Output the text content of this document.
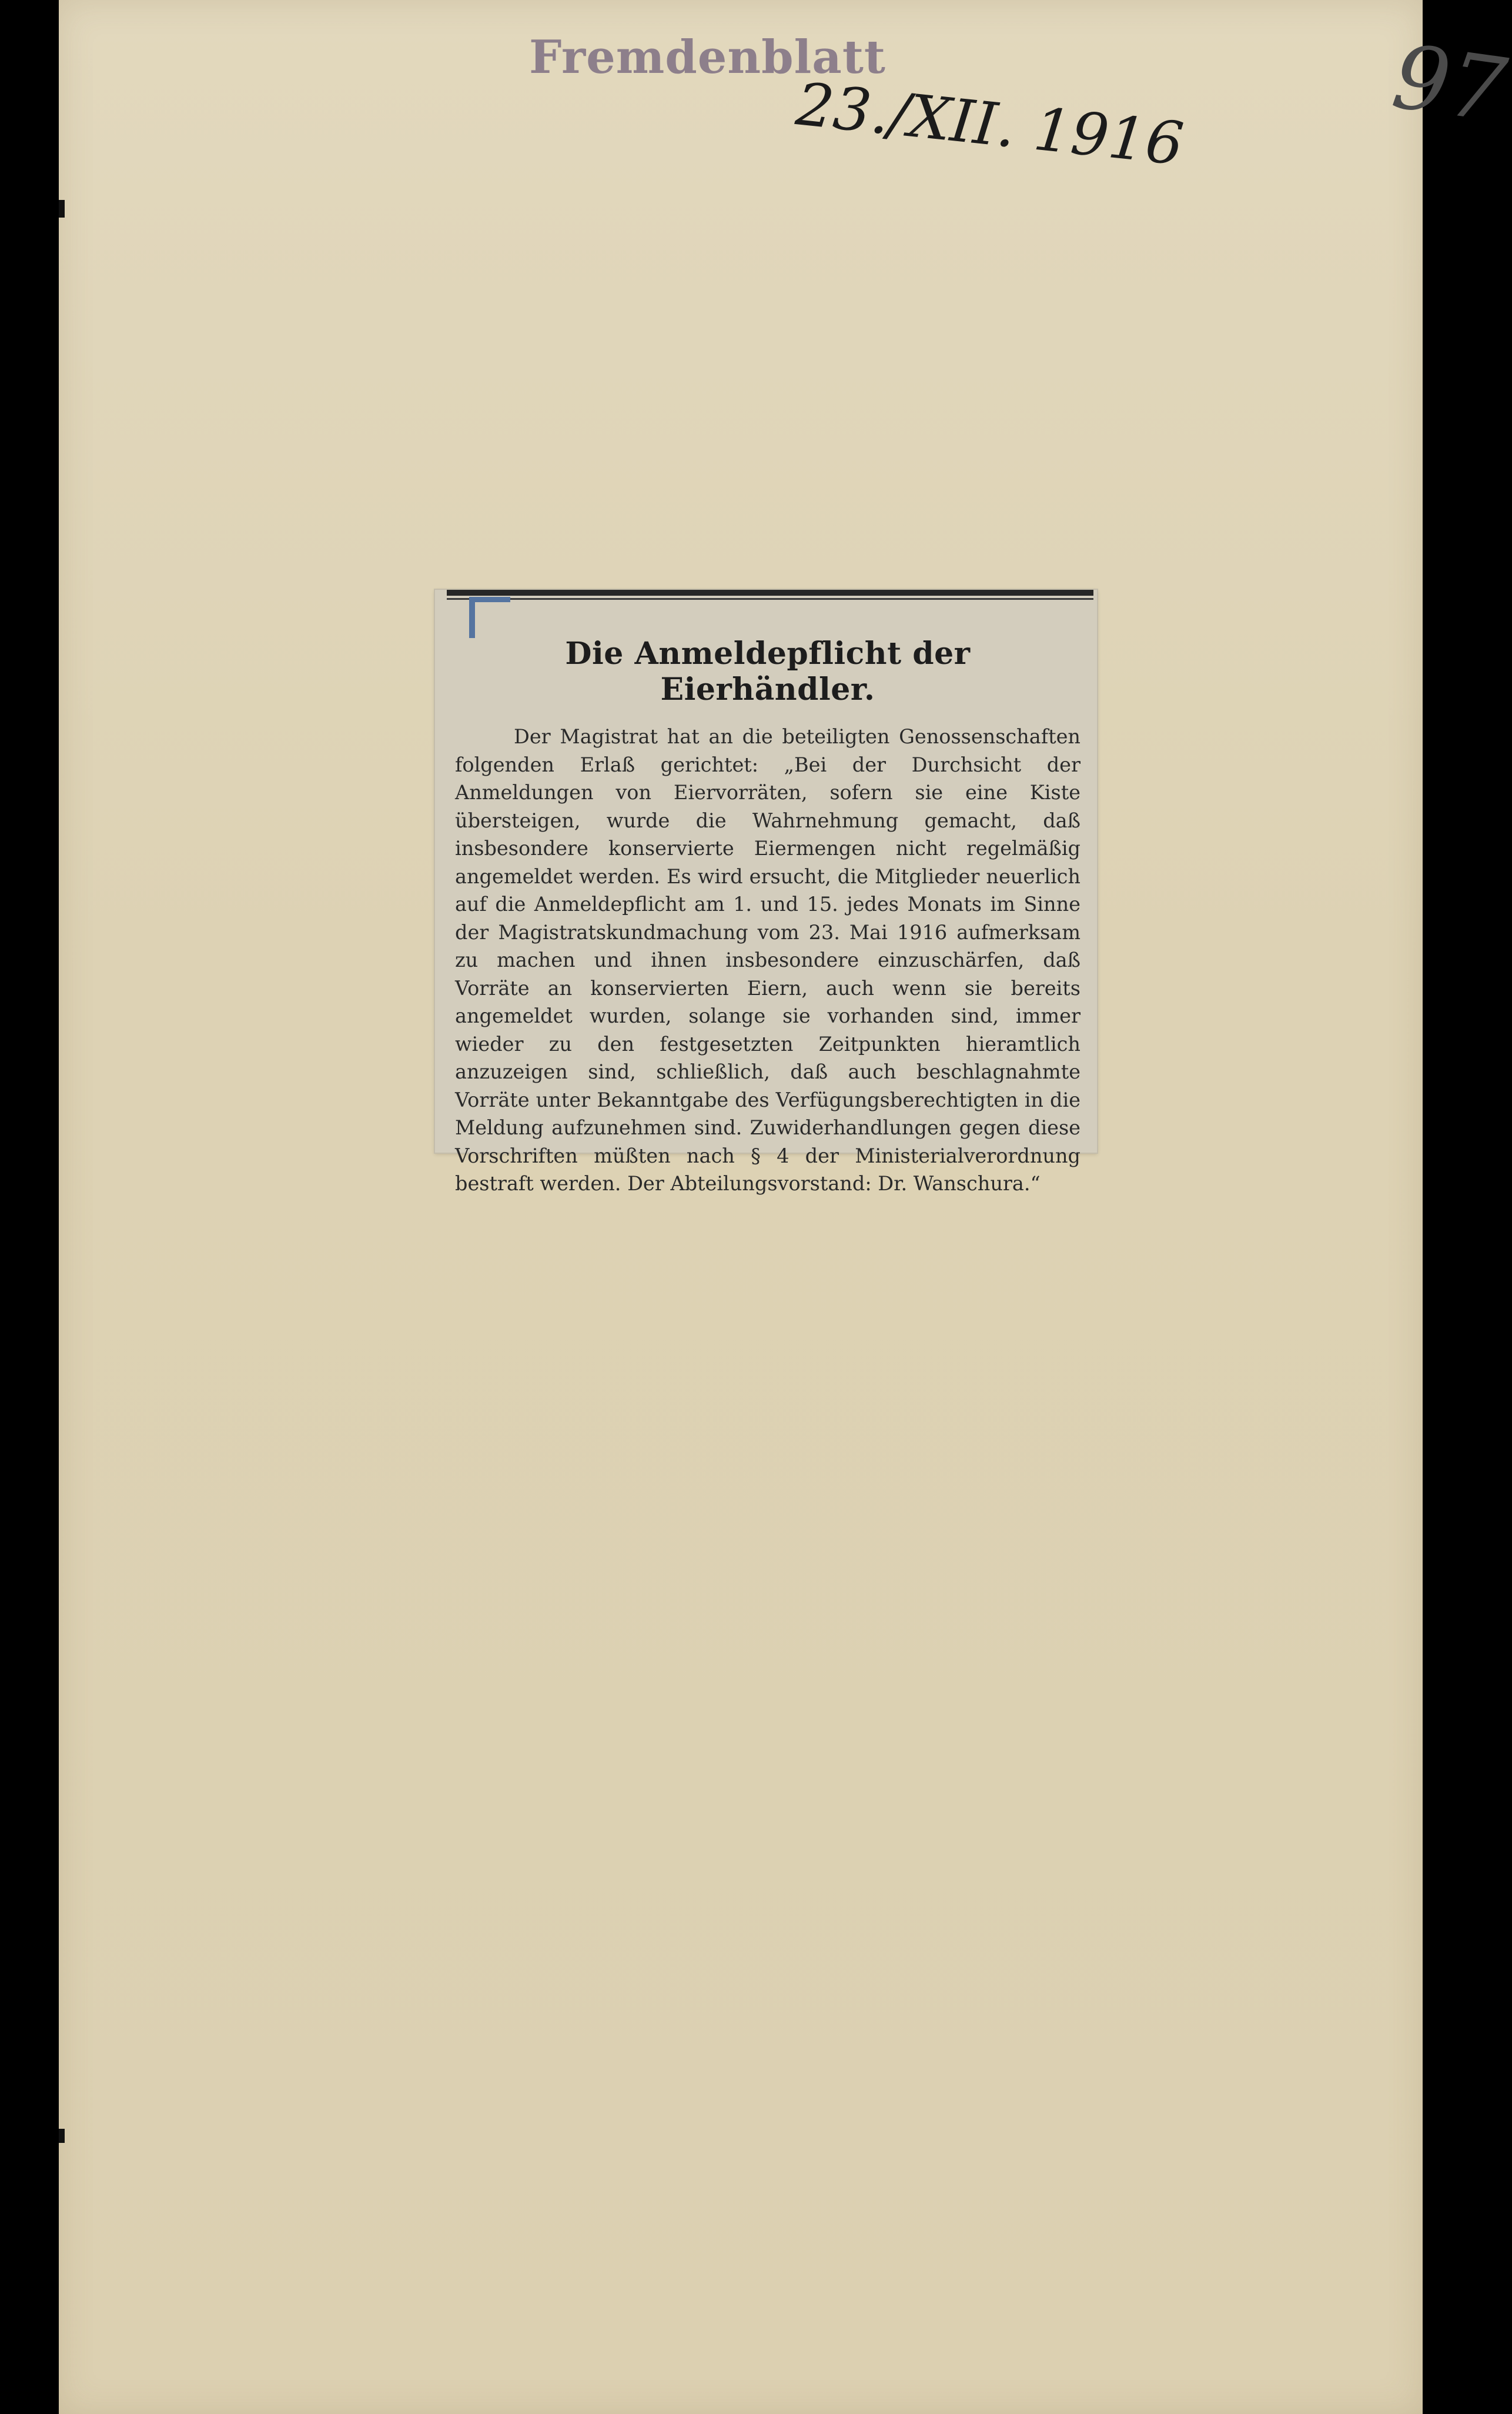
Fremdenblatt
23./XII. 1916 97
Die Anmeldepflicht der Eierhändler.

Der Magistrat hat an die beteiligten Genossenschaften folgenden Erlaß gerichtet: „Bei der Durchsicht der Anmeldungen von Eiervorräten, sofern sie eine Kiste übersteigen, wurde die Wahrnehmung gemacht, daß insbesondere konservierte Eiermengen nicht regelmäßig angemeldet werden. Es wird ersucht, die Mitglieder neuerlich auf die Anmeldepflicht am 1. und 15. jedes Monats im Sinne der Magistratskundmachung vom 23. Mai 1916 aufmerksam zu machen und ihnen insbesondere einzuschärfen, daß Vorräte an konservierten Eiern, auch wenn sie bereits angemeldet wurden, solange sie vorhanden sind, immer wieder zu den festgesetzten Zeitpunkten hieramtlich anzuzeigen sind, schließlich, daß auch beschlagnahmte Vorräte unter Bekanntgabe des Verfügungsberechtigten in die Meldung aufzunehmen sind. Zuwiderhandlungen gegen diese Vorschriften müßten nach § 4 der Ministerialverordnung bestraft werden. Der Abteilungsvorstand: Dr. Wanschura.“
